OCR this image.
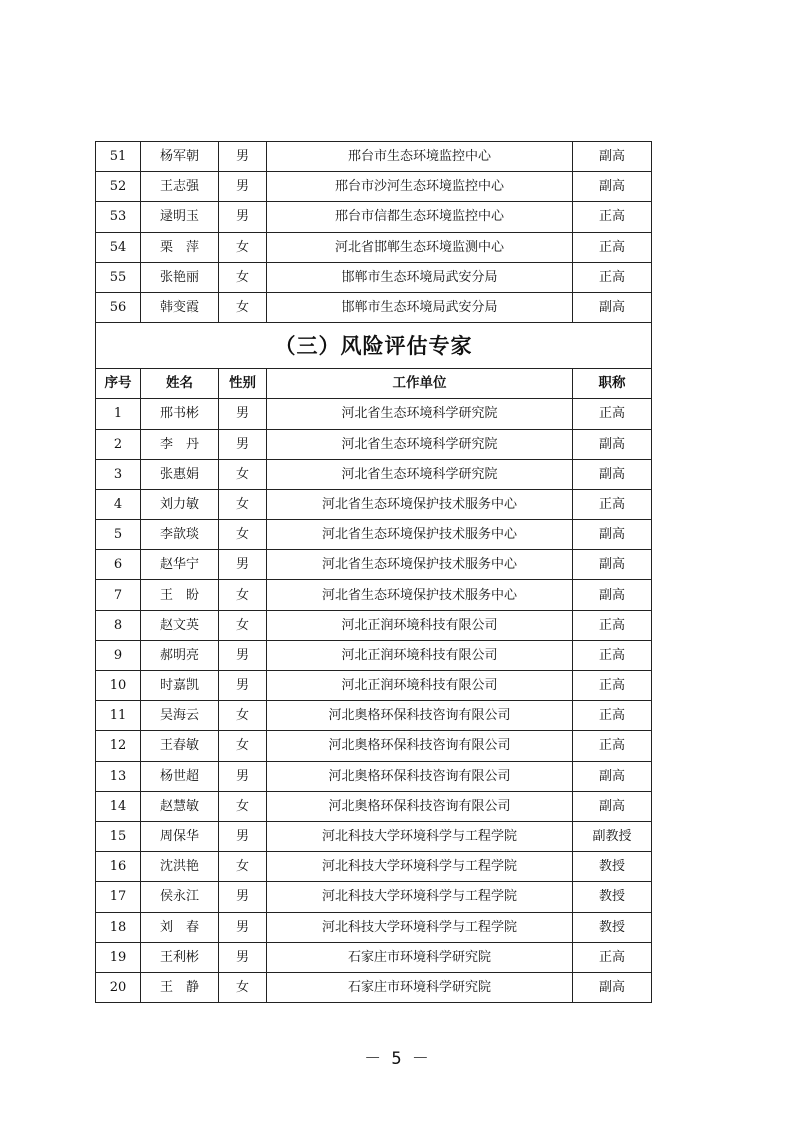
51	杨军朝	男	邢台市生态环境监控中心	副高
52	王志强	男	邢台市沙河生态环境监控中心	副高
53	逯明玉	男	邢台市信都生态环境监控中心	正高
54	栗　萍	女	河北省邯郸生态环境监测中心	正高
55	张艳丽	女	邯郸市生态环境局武安分局	正高
56	韩变霞	女	邯郸市生态环境局武安分局	副高
（三）风险评估专家				
序号	姓名	性别	工作单位	职称
1	邢书彬	男	河北省生态环境科学研究院	正高
2	李　丹	男	河北省生态环境科学研究院	副高
3	张惠娟	女	河北省生态环境科学研究院	副高
4	刘力敏	女	河北省生态环境保护技术服务中心	正高
5	李歆琰	女	河北省生态环境保护技术服务中心	副高
6	赵华宁	男	河北省生态环境保护技术服务中心	副高
7	王　盼	女	河北省生态环境保护技术服务中心	副高
8	赵文英	女	河北正润环境科技有限公司	正高
9	郝明亮	男	河北正润环境科技有限公司	正高
10	时嘉凯	男	河北正润环境科技有限公司	正高
11	吴海云	女	河北奥格环保科技咨询有限公司	正高
12	王春敏	女	河北奥格环保科技咨询有限公司	正高
13	杨世超	男	河北奥格环保科技咨询有限公司	副高
14	赵慧敏	女	河北奥格环保科技咨询有限公司	副高
15	周保华	男	河北科技大学环境科学与工程学院	副教授
16	沈洪艳	女	河北科技大学环境科学与工程学院	教授
17	侯永江	男	河北科技大学环境科学与工程学院	教授
18	刘　春	男	河北科技大学环境科学与工程学院	教授
19	王利彬	男	石家庄市环境科学研究院	正高
20	王　静	女	石家庄市环境科学研究院	副高
－ 5 －
